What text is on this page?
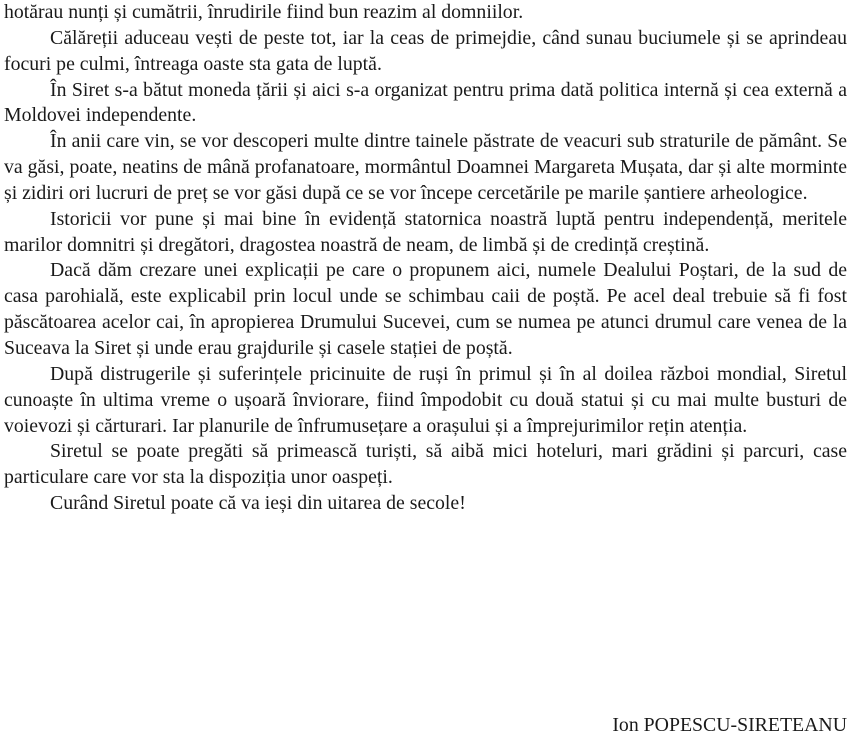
hotărau nunți și cumătrii, înrudirile fiind bun reazim al domniilor.

Călăreții aduceau vești de peste tot, iar la ceas de primejdie, când sunau buciumele și se aprindeau focuri pe culmi, întreaga oaste sta gata de luptă.

În Siret s-a bătut moneda țării și aici s-a organizat pentru prima dată politica internă și cea externă a Moldovei independente.

În anii care vin, se vor descoperi multe dintre tainele păstrate de veacuri sub straturile de pământ. Se va găsi, poate, neatins de mână profanatoare, mormântul Doamnei Margareta Mușata, dar și alte morminte și zidiri ori lucruri de preț se vor găsi după ce se vor începe cercetările pe marile șantiere arheologice.

Istoricii vor pune și mai bine în evidență statornica noastră luptă pentru independență, meritele marilor domnitri și dregători, dragostea noastră de neam, de limbă și de credință creștină.

Dacă dăm crezare unei explicații pe care o propunem aici, numele Dealului Poștari, de la sud de casa parohială, este explicabil prin locul unde se schimbau caii de poștă. Pe acel deal trebuie să fi fost păscătoarea acelor cai, în apropierea Drumului Sucevei, cum se numea pe atunci drumul care venea de la Suceava la Siret și unde erau grajdurile și casele stației de poștă.

După distrugerile și suferințele pricinuite de ruși în primul și în al doilea război mondial, Siretul cunoaște în ultima vreme o ușoară înviorare, fiind împodobit cu două statui și cu mai multe busturi de voievozi și cărturari. Iar planurile de înfrumusețare a orașului și a împrejurimilor rețin atenția.

Siretul se poate pregăti să primească turiști, să aibă mici hoteluri, mari grădini și parcuri, case particulare care vor sta la dispoziția unor oaspeți.

Curând Siretul poate că va ieși din uitarea de secole!

Ion POPESCU-SIRETEANU
